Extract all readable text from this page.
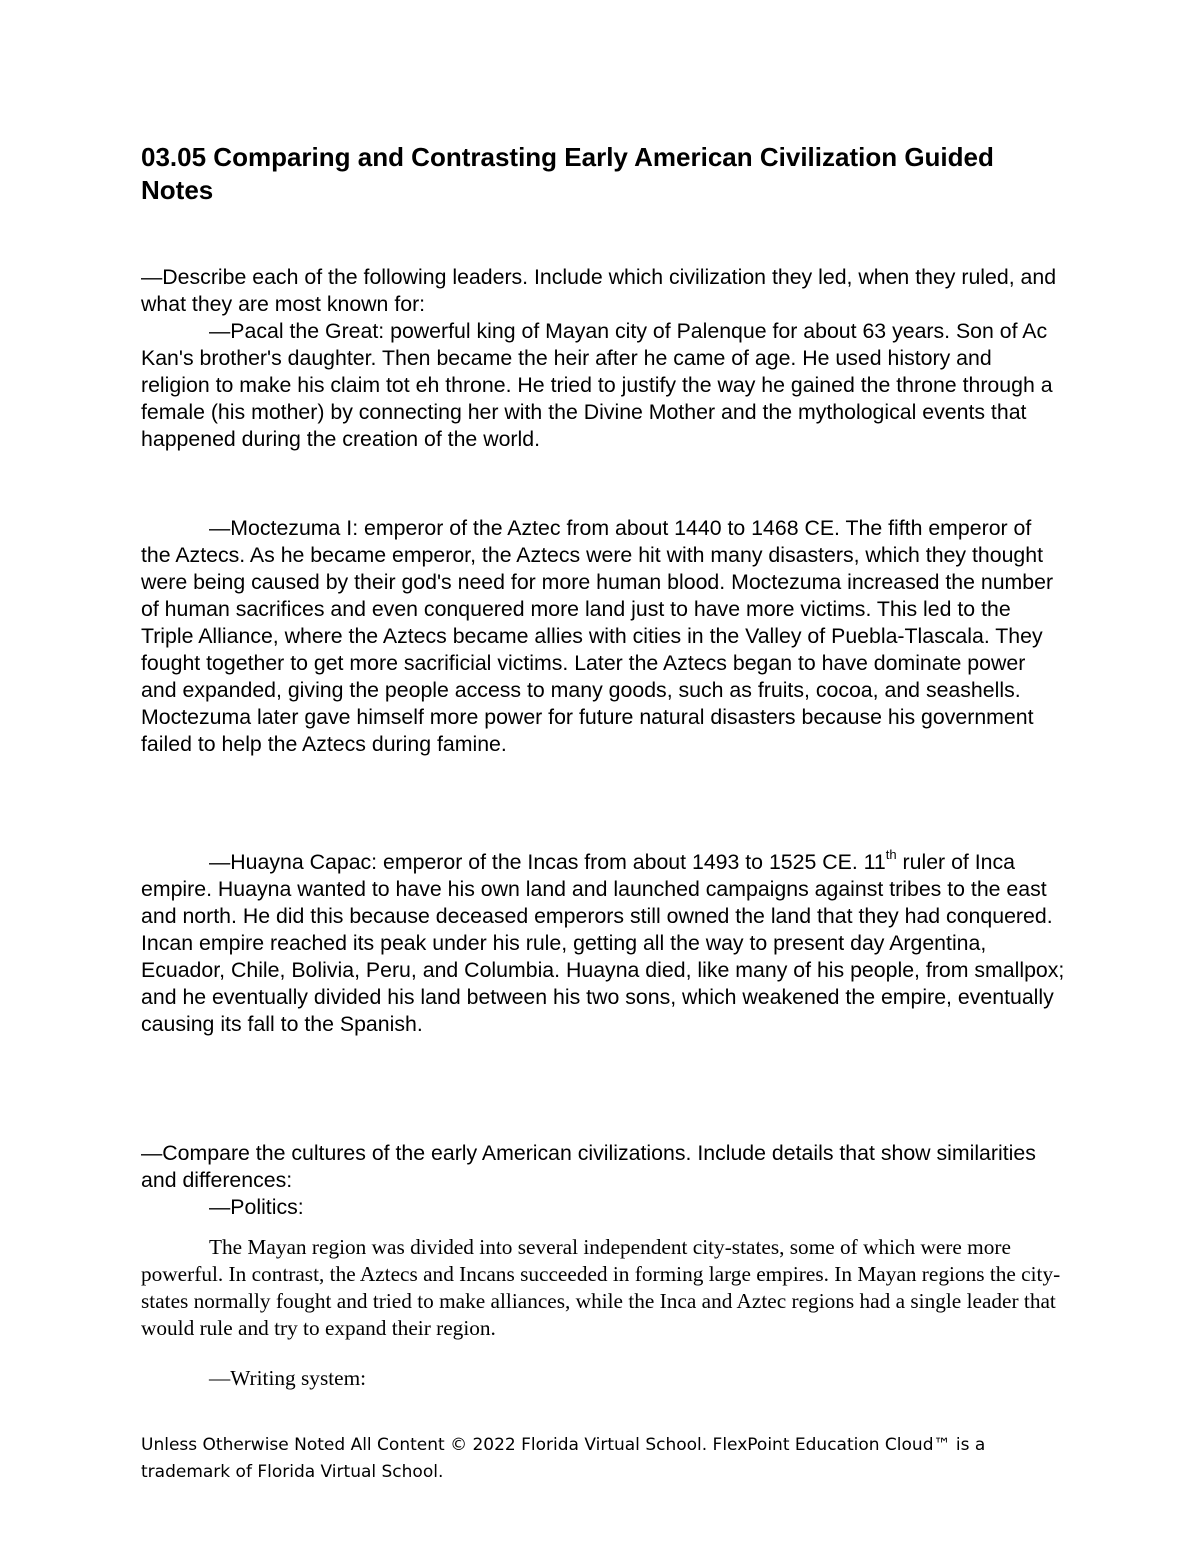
03.05 Comparing and Contrasting Early American Civilization Guided Notes

—Describe each of the following leaders. Include which civilization they led, when they ruled, and what they are most known for:

—Pacal the Great: powerful king of Mayan city of Palenque for about 63 years. Son of Ac Kan's brother's daughter. Then became the heir after he came of age. He used history and religion to make his claim tot eh throne. He tried to justify the way he gained the throne through a female (his mother) by connecting her with the Divine Mother and the mythological events that happened during the creation of the world.

—Moctezuma I: emperor of the Aztec from about 1440 to 1468 CE. The fifth emperor of the Aztecs. As he became emperor, the Aztecs were hit with many disasters, which they thought were being caused by their god's need for more human blood. Moctezuma increased the number of human sacrifices and even conquered more land just to have more victims. This led to the Triple Alliance, where the Aztecs became allies with cities in the Valley of Puebla-Tlascala. They fought together to get more sacrificial victims. Later the Aztecs began to have dominate power and expanded, giving the people access to many goods, such as fruits, cocoa, and seashells. Moctezuma later gave himself more power for future natural disasters because his government failed to help the Aztecs during famine.

—Huayna Capac: emperor of the Incas from about 1493 to 1525 CE. 11th ruler of Inca empire. Huayna wanted to have his own land and launched campaigns against tribes to the east and north. He did this because deceased emperors still owned the land that they had conquered. Incan empire reached its peak under his rule, getting all the way to present day Argentina, Ecuador, Chile, Bolivia, Peru, and Columbia. Huayna died, like many of his people, from smallpox; and he eventually divided his land between his two sons, which weakened the empire, eventually causing its fall to the Spanish.

—Compare the cultures of the early American civilizations. Include details that show similarities and differences:

—Politics:

The Mayan region was divided into several independent city-states, some of which were more powerful. In contrast, the Aztecs and Incans succeeded in forming large empires. In Mayan regions the city-states normally fought and tried to make alliances, while the Inca and Aztec regions had a single leader that would rule and try to expand their region.

—Writing system:

Unless Otherwise Noted All Content © 2022 Florida Virtual School. FlexPoint Education Cloud™ is a trademark of Florida Virtual School.
